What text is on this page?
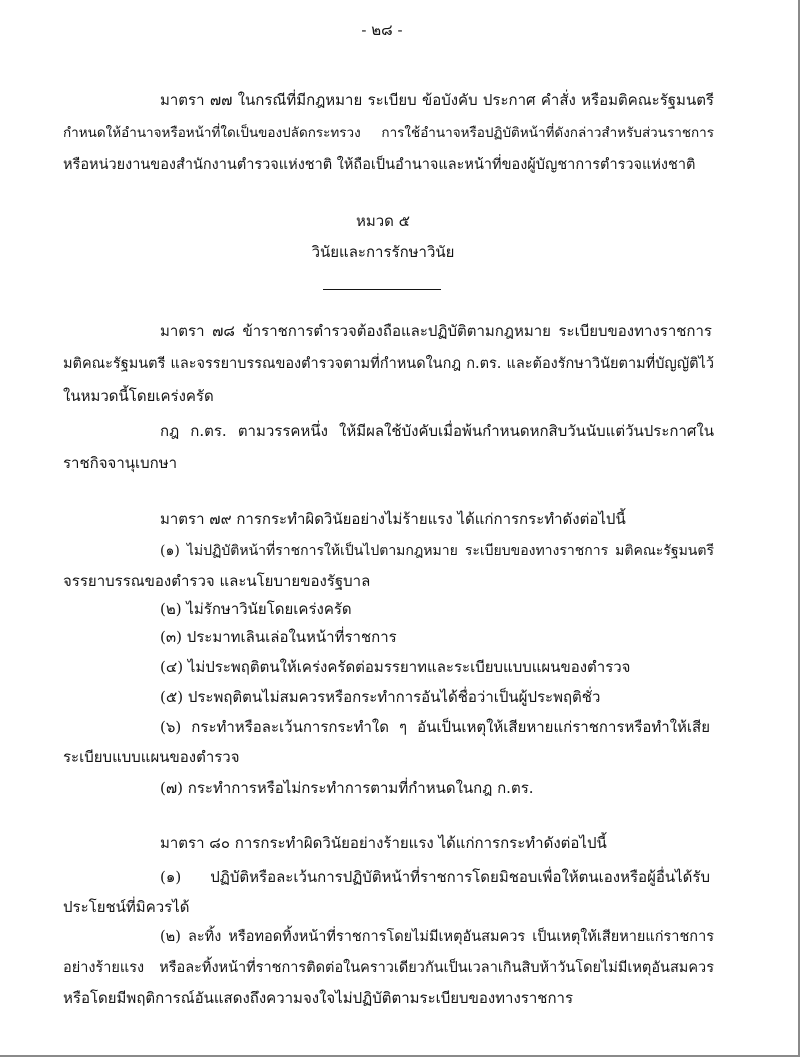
- ๒๘ -
มาตรา ๗๗ ในกรณีที่มีกฎหมาย ระเบียบ ข้อบังคับ ประกาศ คำสั่ง หรือมติคณะรัฐมนตรี
กำหนดให้อำนาจหรือหน้าที่ใดเป็นของปลัดกระทรวง การใช้อำนาจหรือปฏิบัติหน้าที่ดังกล่าวสำหรับส่วนราชการ
หรือหน่วยงานของสำนักงานตำรวจแห่งชาติ ให้ถือเป็นอำนาจและหน้าที่ของผู้บัญชาการตำรวจแห่งชาติ
หมวด ๕
วินัยและการรักษาวินัย
มาตรา ๗๘ ข้าราชการตำรวจต้องถือและปฏิบัติตามกฎหมาย ระเบียบของทางราชการ
มติคณะรัฐมนตรี และจรรยาบรรณของตำรวจตามที่กำหนดในกฎ ก.ตร. และต้องรักษาวินัยตามที่บัญญัติไว้
ในหมวดนี้โดยเคร่งครัด
กฎ ก.ตร. ตามวรรคหนึ่ง ให้มีผลใช้บังคับเมื่อพ้นกำหนดหกสิบวันนับแต่วันประกาศใน
ราชกิจจานุเบกษา
มาตรา ๗๙ การกระทำผิดวินัยอย่างไม่ร้ายแรง ได้แก่การกระทำดังต่อไปนี้
(๑) ไม่ปฏิบัติหน้าที่ราชการให้เป็นไปตามกฎหมาย ระเบียบของทางราชการ มติคณะรัฐมนตรี
จรรยาบรรณของตำรวจ และนโยบายของรัฐบาล
(๒) ไม่รักษาวินัยโดยเคร่งครัด
(๓) ประมาทเลินเล่อในหน้าที่ราชการ
(๔) ไม่ประพฤติตนให้เคร่งครัดต่อมรรยาทและระเบียบแบบแผนของตำรวจ
(๕) ประพฤติตนไม่สมควรหรือกระทำการอันได้ชื่อว่าเป็นผู้ประพฤติชั่ว
(๖) กระทำหรือละเว้นการกระทำใด ๆ อันเป็นเหตุให้เสียหายแก่ราชการหรือทำให้เสีย
ระเบียบแบบแผนของตำรวจ
(๗) กระทำการหรือไม่กระทำการตามที่กำหนดในกฎ ก.ตร.
มาตรา ๘๐ การกระทำผิดวินัยอย่างร้ายแรง ได้แก่การกระทำดังต่อไปนี้
(๑) ปฏิบัติหรือละเว้นการปฏิบัติหน้าที่ราชการโดยมิชอบเพื่อให้ตนเองหรือผู้อื่นได้รับ
ประโยชน์ที่มิควรได้
(๒) ละทิ้ง หรือทอดทิ้งหน้าที่ราชการโดยไม่มีเหตุอันสมควร เป็นเหตุให้เสียหายแก่ราชการ
อย่างร้ายแรง หรือละทิ้งหน้าที่ราชการติดต่อในคราวเดียวกันเป็นเวลาเกินสิบห้าวันโดยไม่มีเหตุอันสมควร
หรือโดยมีพฤติการณ์อันแสดงถึงความจงใจไม่ปฏิบัติตามระเบียบของทางราชการ
